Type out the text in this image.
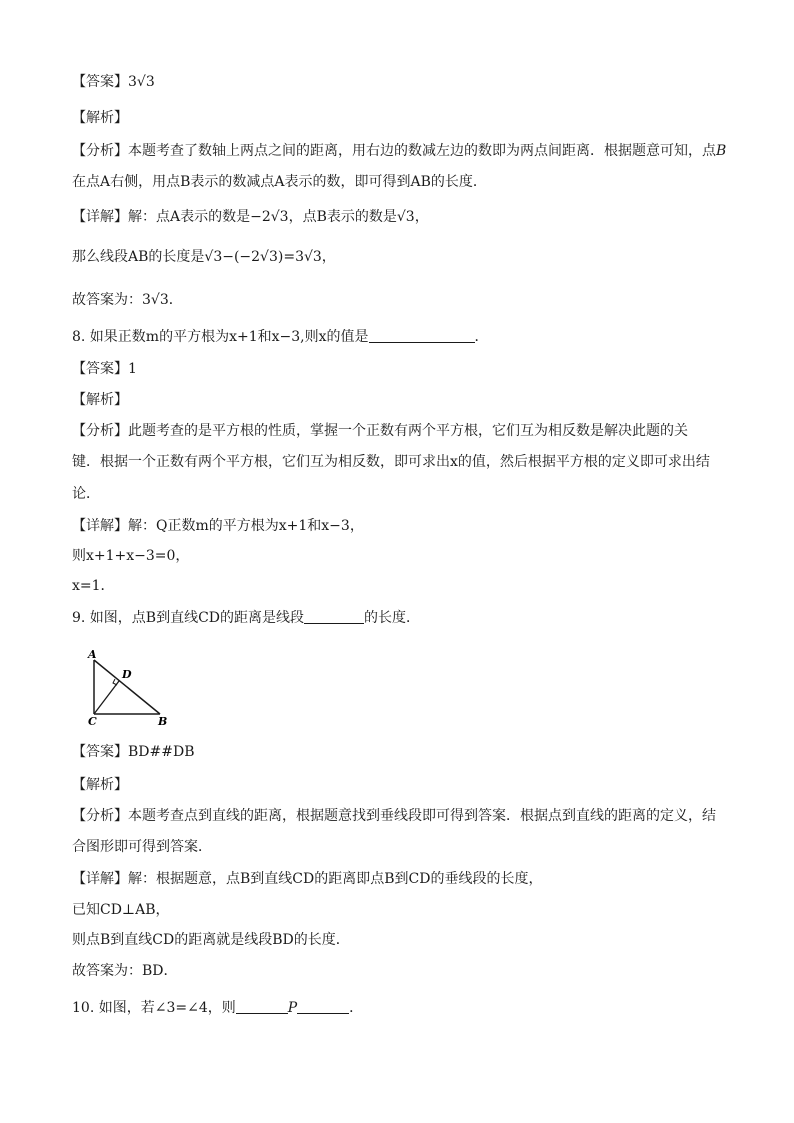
【答案】3√3
【解析】
【分析】本题考查了数轴上两点之间的距离，用右边的数减左边的数即为两点间距离．根据题意可知，点B
在点A右侧，用点B表示的数减点A表示的数，即可得到AB的长度．
【详解】解：点A表示的数是−2√3，点B表示的数是√3，
那么线段AB的长度是√3−(−2√3)=3√3，
故答案为：3√3．
8. 如果正数m的平方根为x+1和x−3,则x的值是	．
【答案】1
【解析】
【分析】此题考查的是平方根的性质，掌握一个正数有两个平方根，它们互为相反数是解决此题的关
键．根据一个正数有两个平方根，它们互为相反数，即可求出x的值，然后根据平方根的定义即可求出结
论．
【详解】解：Q正数m的平方根为x+1和x−3，
则x+1+x−3=0，
x=1．
9. 如图，点B到直线CD的距离是线段	的长度．
A
D
C	B
【答案】BD##DB
【解析】
【分析】本题考查点到直线的距离，根据题意找到垂线段即可得到答案．根据点到直线的距离的定义，结
合图形即可得到答案．
【详解】解：根据题意，点B到直线CD的距离即点B到CD的垂线段的长度，
已知CD⊥AB，
则点B到直线CD的距离就是线段BD的长度．
故答案为：BD．
10. 如图，若∠3=∠4，则	P	．
